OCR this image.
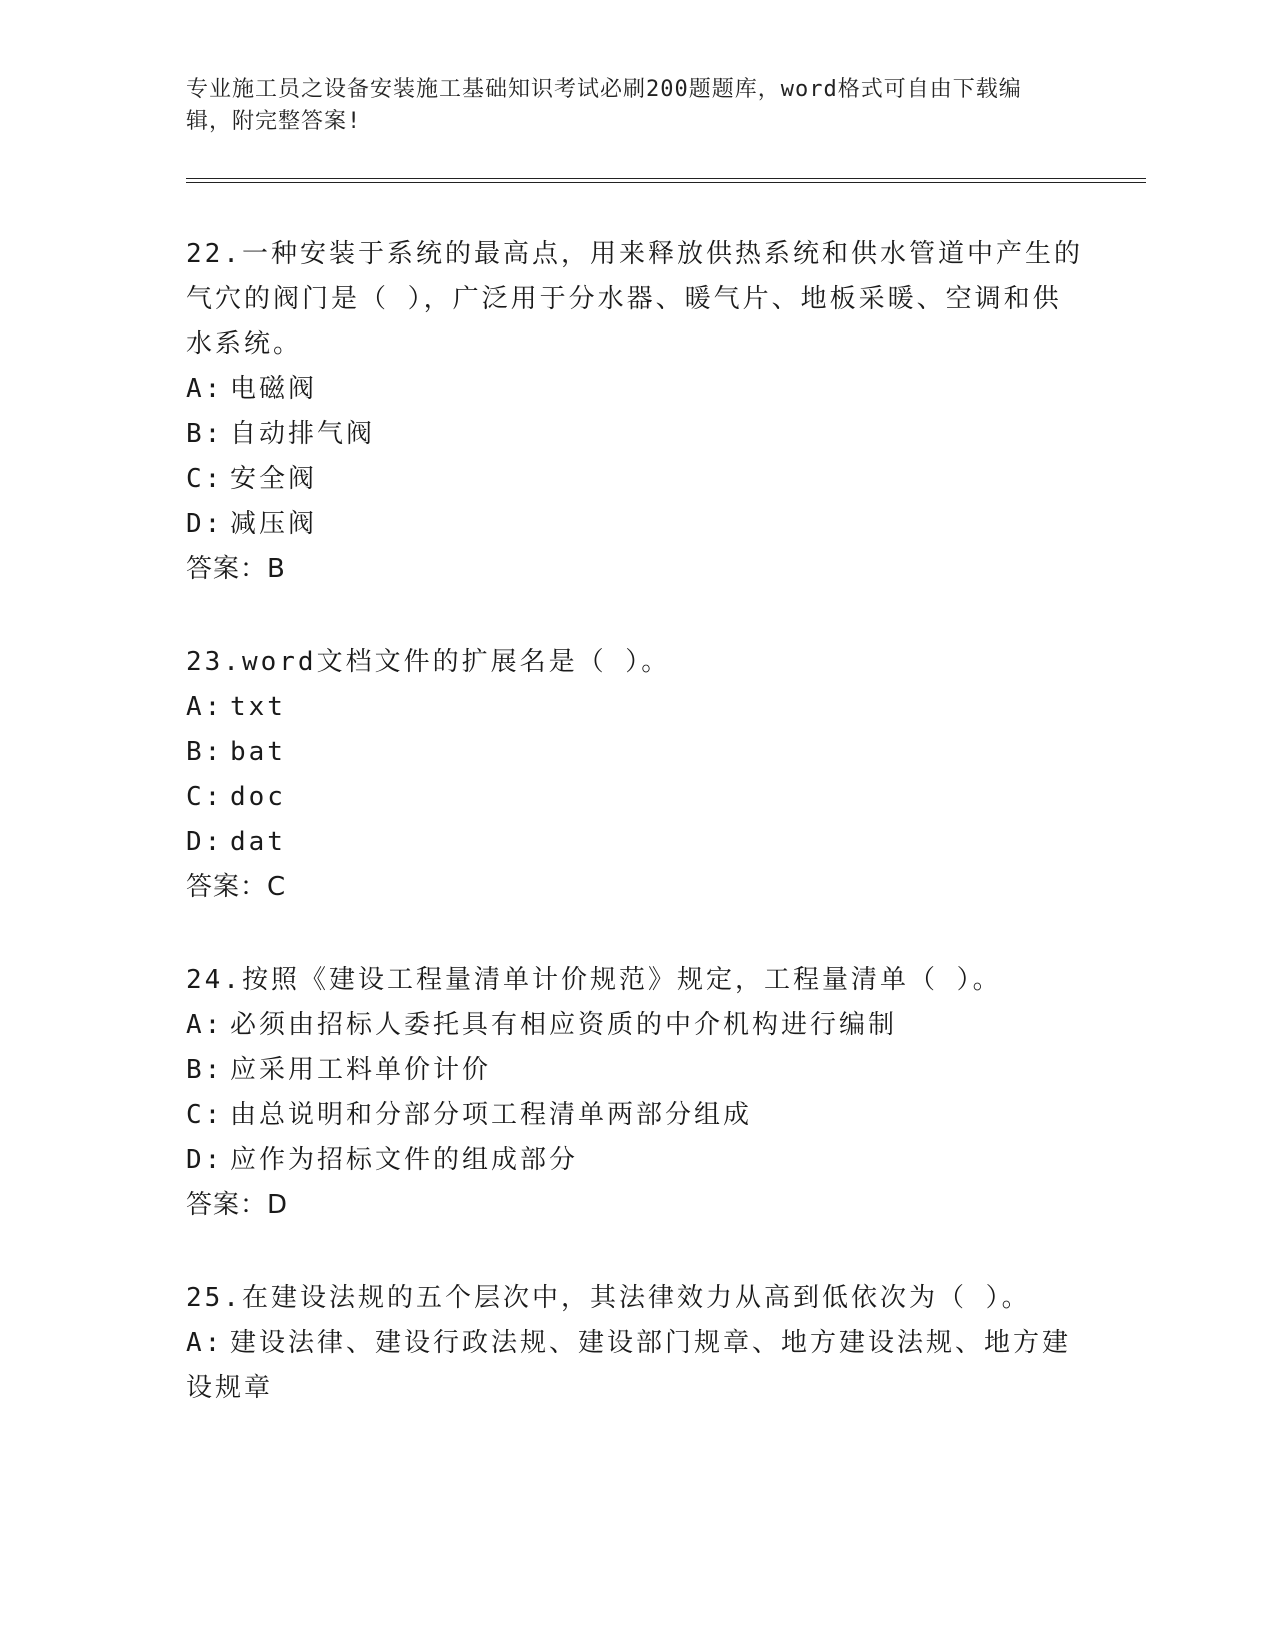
专业施工员之设备安装施工基础知识考试必刷200题题库，word格式可自由下载编辑，附完整答案!

22.一种安装于系统的最高点，用来释放供热系统和供水管道中产生的气穴的阀门是（ ），广泛用于分水器、暖气片、地板采暖、空调和供水系统。

A: 电磁阀

B: 自动排气阀

C: 安全阀

D: 减压阀

答案：B

23.word文档文件的扩展名是（ ）。

A: txt

B: bat

C: doc

D: dat

答案：C

24.按照《建设工程量清单计价规范》规定，工程量清单（ ）。

A: 必须由招标人委托具有相应资质的中介机构进行编制

B: 应采用工料单价计价

C: 由总说明和分部分项工程清单两部分组成

D: 应作为招标文件的组成部分

答案：D

25.在建设法规的五个层次中，其法律效力从高到低依次为（ ）。

A: 建设法律、建设行政法规、建设部门规章、地方建设法规、地方建设规章
